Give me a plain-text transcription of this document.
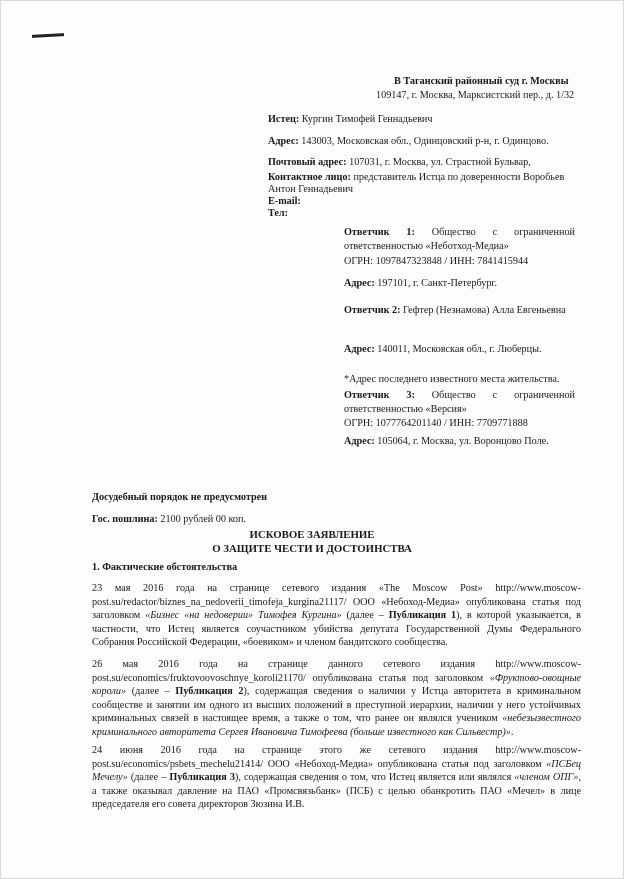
В Таганский районный суд г. Москвы
109147, г. Москва, Марксистский пер., д. 1/32
Истец: Кургин Тимофей Геннадьевич
Адрес: 143003, Московская обл., Одинцовский р-н, г. Одинцово.
Почтовый адрес: 107031, г. Москва, ул. Страстной Бульвар,
Контактное лицо: представитель Истца по доверенности Воробьев
Антон Геннадьевич
E-mail:
Тел:
Ответчик 1: Общество с ограниченной
ответственностью «Неботход-Медиа»
ОГРН: 1097847323848 / ИНН: 7841415944
Адрес: 197101, г. Санкт-Петербург.
Ответчик 2: Гефтер (Незнамова) Алла Евгеньевна
Адрес: 140011, Московская обл., г. Люберцы.
*Адрес последнего известного места жительства.
Ответчик 3: Общество с ограниченной
ответственностью «Версия»
ОГРН: 1077764201140 / ИНН: 7709771888
Адрес: 105064, г. Москва, ул. Воронцово Поле.
Досудебный порядок не предусмотрен
Гос. пошлина: 2100 рублей 00 коп.
ИСКОВОЕ ЗАЯВЛЕНИЕ
О ЗАЩИТЕ ЧЕСТИ И ДОСТОИНСТВА
1. Фактические обстоятельства
23 мая 2016 года на странице сетевого издания «The Moscow Post» http://www.moscow-
post.su/redactor/biznes_na_nedoverii_timofeja_kurgina21117/ ООО «Небоход-Медиа» опубликована статья под
заголовком «Бизнес «на недоверии» Тимофея Кургина» (далее – Публикация 1), в которой указывается, в
частности, что Истец является соучастником убийства депутата Государственной Думы Федерального
Собрания Российской Федерации, «боевиком» и членом бандитского сообщества.
26 мая 2016 года на странице данного сетевого издания http://www.moscow-
post.su/economics/fruktovoovoschnye_koroli21170/ опубликована статья под заголовком «Фруктово-овощные
короли» (далее – Публикация 2), содержащая сведения о наличии у Истца авторитета в криминальном
сообществе и занятии им одного из высших положений в преступной иерархии, наличии у него устойчивых
криминальных связей в настоящее время, а также о том, что ранее он являлся учеником «небезызвестного
криминального авторитета Сергея Ивановича Тимофеева (больше известного как Сильвестр)».
24 июня 2016 года на странице этого же сетевого издания http://www.moscow-
post.su/economics/psbets_mechelu21414/ ООО «Небоход-Медиа» опубликована статья под заголовком «ПСБец
Мечелу» (далее – Публикация 3), содержащая сведения о том, что Истец является или являлся «членом ОПГ»,
а также оказывал давление на ПАО «Промсвязьбанк» (ПСБ) с целью обанкротить ПАО «Мечел» в лице
председателя его совета директоров Зюзина И.В.
